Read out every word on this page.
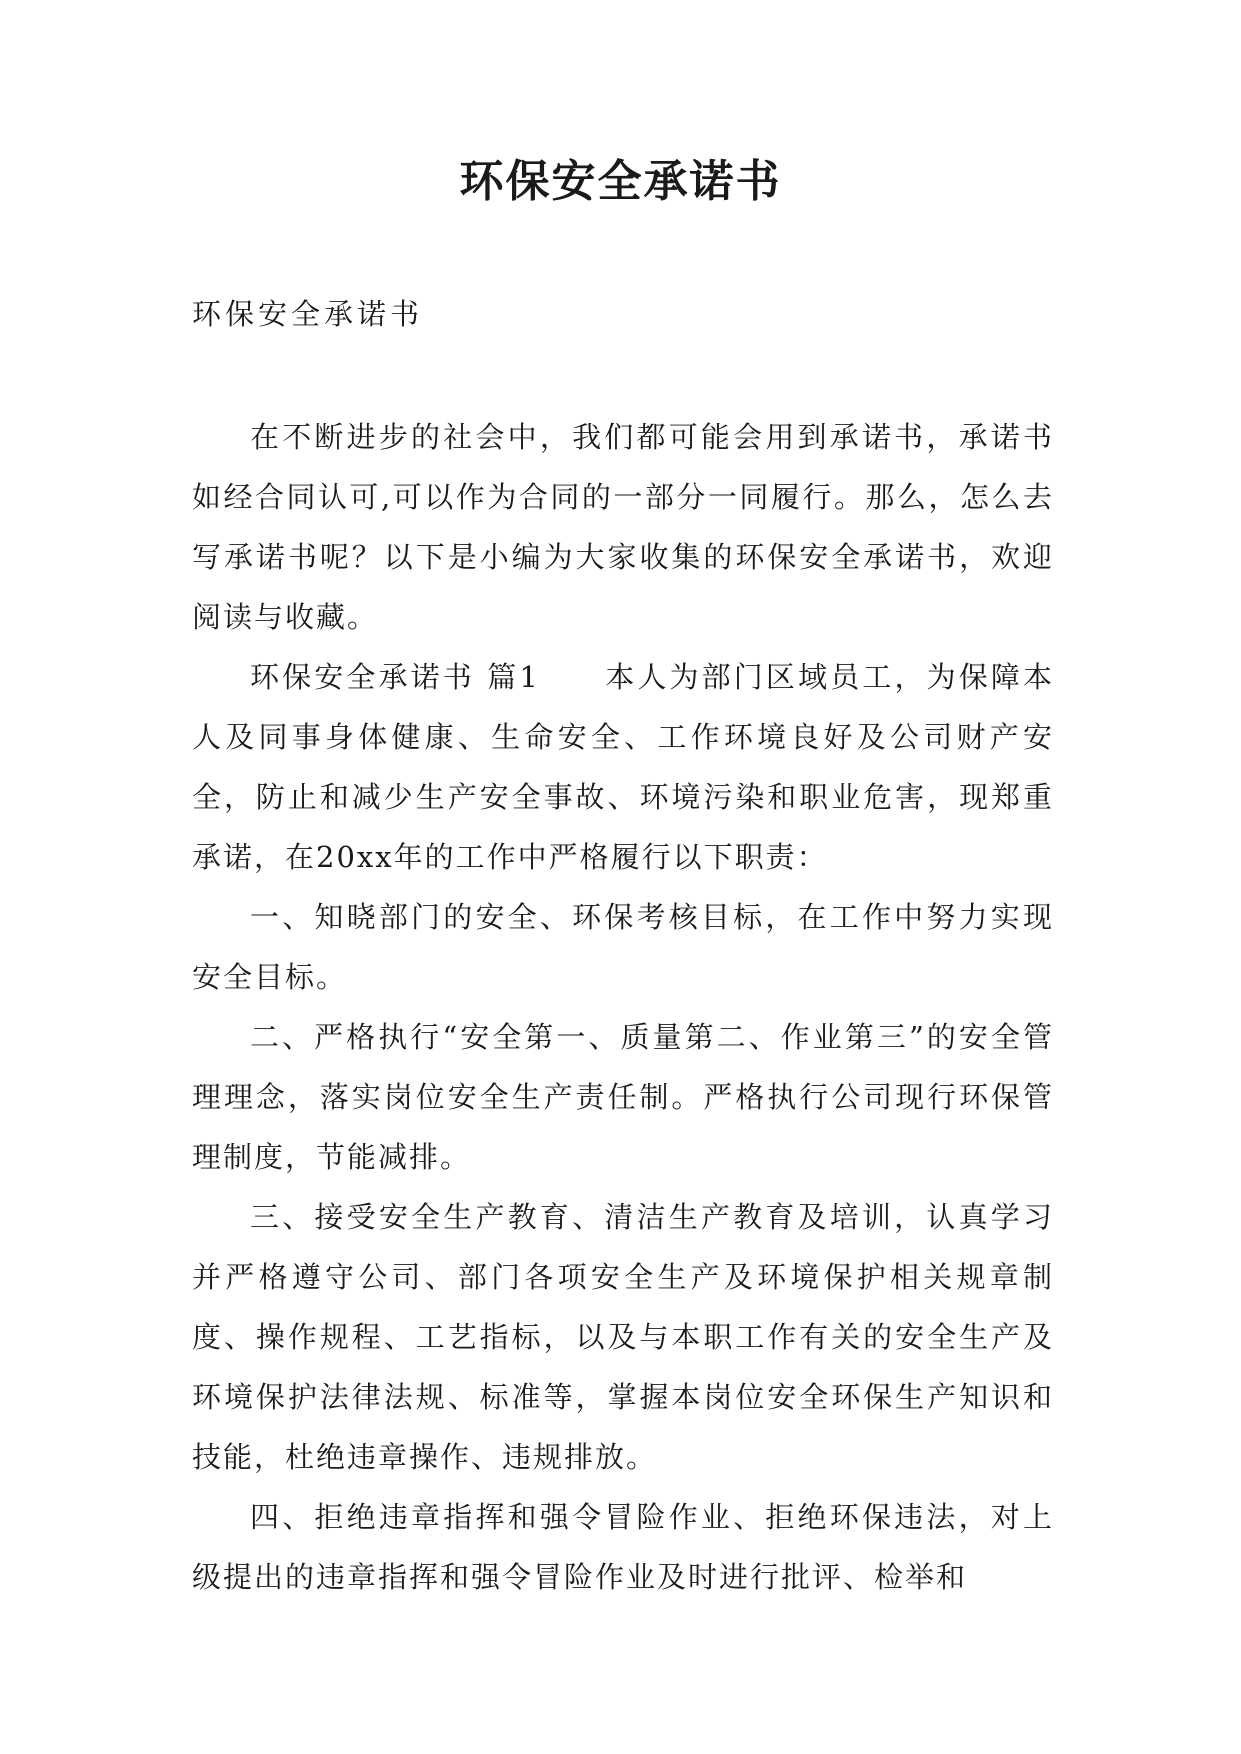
环保安全承诺书

环保安全承诺书

在不断进步的社会中，我们都可能会用到承诺书，承诺书如经合同认可,可以作为合同的一部分一同履行。那么，怎么去写承诺书呢？以下是小编为大家收集的环保安全承诺书，欢迎阅读与收藏。

环保安全承诺书 篇1　　本人为部门区域员工，为保障本人及同事身体健康、生命安全、工作环境良好及公司财产安全，防止和减少生产安全事故、环境污染和职业危害，现郑重承诺，在20xx年的工作中严格履行以下职责：

一、知晓部门的安全、环保考核目标，在工作中努力实现安全目标。

二、严格执行“安全第一、质量第二、作业第三”的安全管理理念，落实岗位安全生产责任制。严格执行公司现行环保管理制度，节能减排。

三、接受安全生产教育、清洁生产教育及培训，认真学习并严格遵守公司、部门各项安全生产及环境保护相关规章制度、操作规程、工艺指标，以及与本职工作有关的安全生产及环境保护法律法规、标准等，掌握本岗位安全环保生产知识和技能，杜绝违章操作、违规排放。

四、拒绝违章指挥和强令冒险作业、拒绝环保违法，对上级提出的违章指挥和强令冒险作业及时进行批评、检举和
